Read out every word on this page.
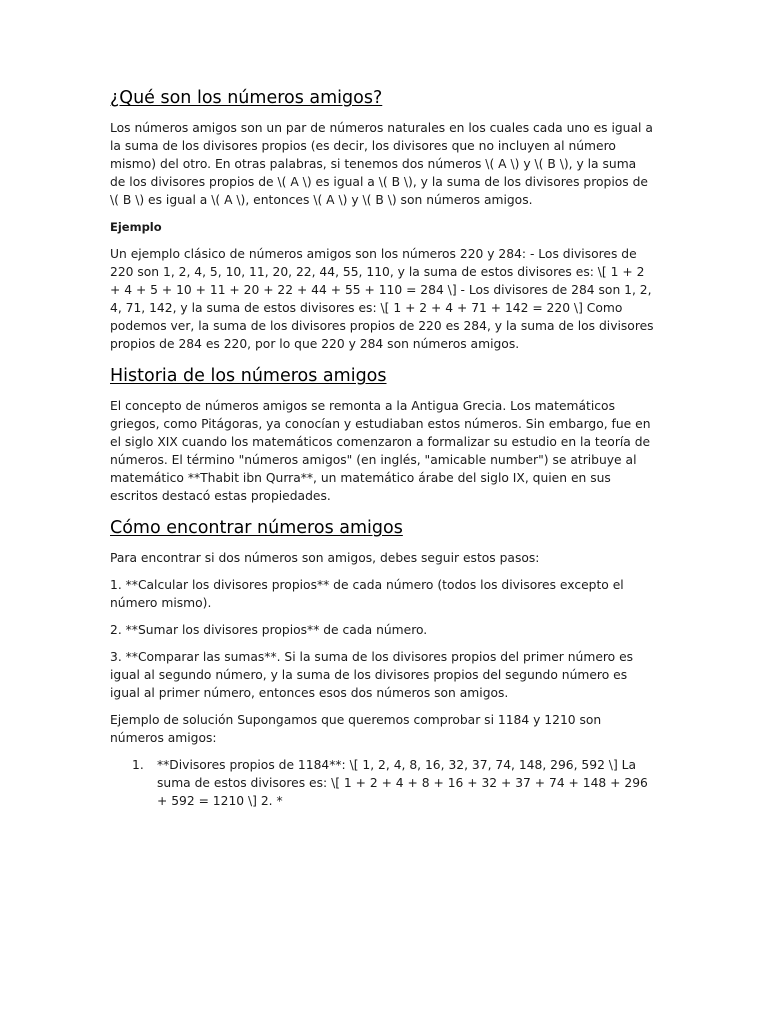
¿Qué son los números amigos?

Los números amigos son un par de números naturales en los cuales cada uno es igual a la suma de los divisores propios (es decir, los divisores que no incluyen al número mismo) del otro. En otras palabras, si tenemos dos números \( A \) y \( B \), y la suma de los divisores propios de \( A \) es igual a \( B \), y la suma de los divisores propios de \( B \) es igual a \( A \), entonces \( A \) y \( B \) son números amigos.

Ejemplo

Un ejemplo clásico de números amigos son los números 220 y 284: - Los divisores de 220 son 1, 2, 4, 5, 10, 11, 20, 22, 44, 55, 110, y la suma de estos divisores es: \[ 1 + 2 + 4 + 5 + 10 + 11 + 20 + 22 + 44 + 55 + 110 = 284 \] - Los divisores de 284 son 1, 2, 4, 71, 142, y la suma de estos divisores es: \[ 1 + 2 + 4 + 71 + 142 = 220 \] Como podemos ver, la suma de los divisores propios de 220 es 284, y la suma de los divisores propios de 284 es 220, por lo que 220 y 284 son números amigos.

Historia de los números amigos

El concepto de números amigos se remonta a la Antigua Grecia. Los matemáticos griegos, como Pitágoras, ya conocían y estudiaban estos números. Sin embargo, fue en el siglo XIX cuando los matemáticos comenzaron a formalizar su estudio en la teoría de números. El término "números amigos" (en inglés, "amicable number") se atribuye al matemático **Thabit ibn Qurra**, un matemático árabe del siglo IX, quien en sus escritos destacó estas propiedades.

Cómo encontrar números amigos

Para encontrar si dos números son amigos, debes seguir estos pasos:

1. **Calcular los divisores propios** de cada número (todos los divisores excepto el número mismo).

2. **Sumar los divisores propios** de cada número.

3. **Comparar las sumas**. Si la suma de los divisores propios del primer número es igual al segundo número, y la suma de los divisores propios del segundo número es igual al primer número, entonces esos dos números son amigos.

Ejemplo de solución Supongamos que queremos comprobar si 1184 y 1210 son números amigos:

1. **Divisores propios de 1184**: \[ 1, 2, 4, 8, 16, 32, 37, 74, 148, 296, 592 \] La suma de estos divisores es: \[ 1 + 2 + 4 + 8 + 16 + 32 + 37 + 74 + 148 + 296 + 592 = 1210 \] 2. *
